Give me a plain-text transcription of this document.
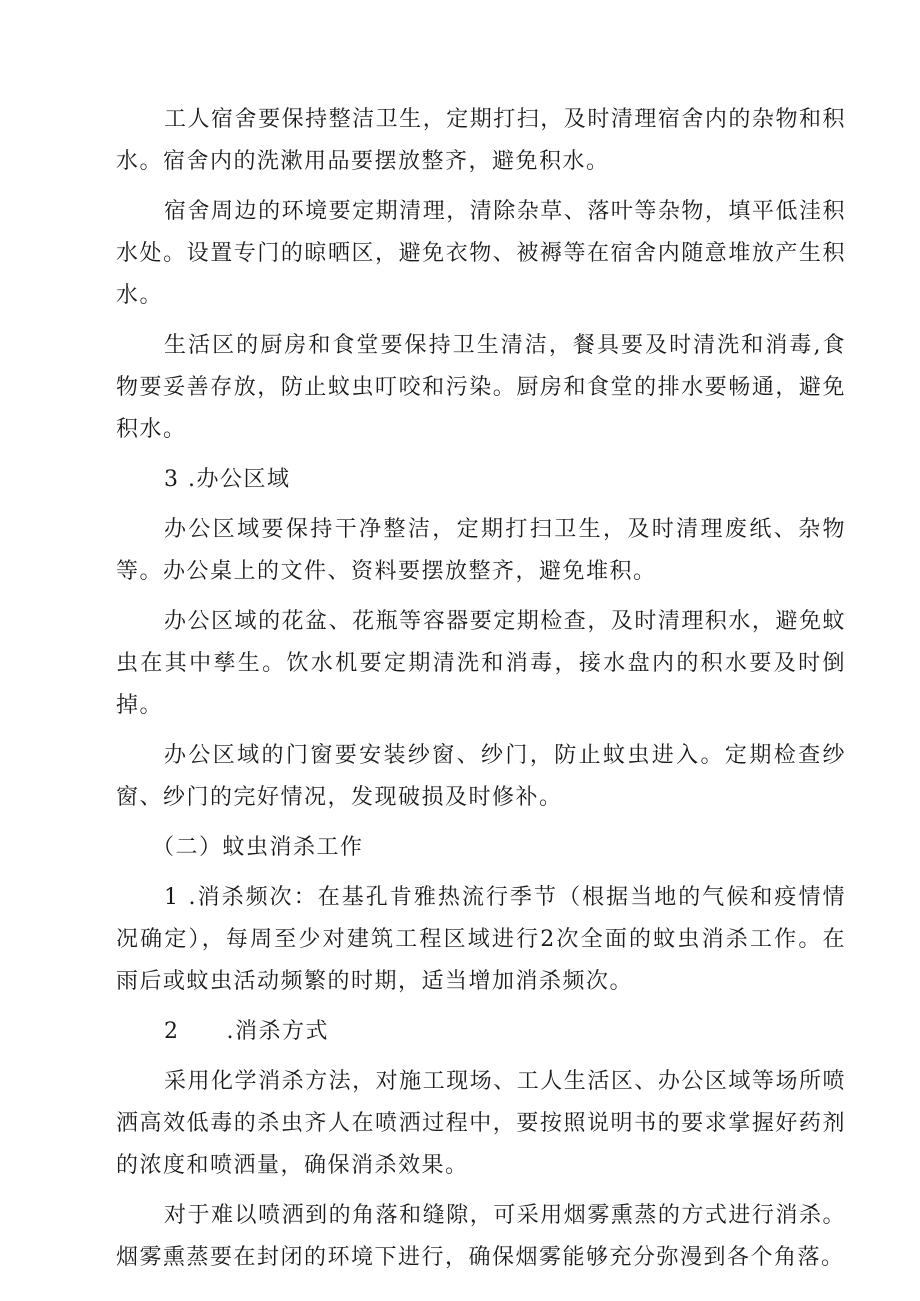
工人宿舍要保持整洁卫生，定期打扫，及时清理宿舍内的杂物和积水。宿舍内的洗漱用品要摆放整齐，避免积水。

宿舍周边的环境要定期清理，清除杂草、落叶等杂物，填平低洼积水处。设置专门的晾晒区，避免衣物、被褥等在宿舍内随意堆放产生积水。

生活区的厨房和食堂要保持卫生清洁，餐具要及时清洗和消毒,食物要妥善存放，防止蚊虫叮咬和污染。厨房和食堂的排水要畅通，避免积水。

3 .办公区域

办公区域要保持干净整洁，定期打扫卫生，及时清理废纸、杂物等。办公桌上的文件、资料要摆放整齐，避免堆积。

办公区域的花盆、花瓶等容器要定期检查，及时清理积水，避免蚊虫在其中孳生。饮水机要定期清洗和消毒，接水盘内的积水要及时倒掉。

办公区域的门窗要安装纱窗、纱门，防止蚊虫进入。定期检查纱窗、纱门的完好情况，发现破损及时修补。

（二）蚊虫消杀工作

1 .消杀频次：在基孔肯雅热流行季节（根据当地的气候和疫情情况确定），每周至少对建筑工程区域进行2次全面的蚊虫消杀工作。在雨后或蚊虫活动频繁的时期，适当增加消杀频次。

2　　.消杀方式

采用化学消杀方法，对施工现场、工人生活区、办公区域等场所喷洒高效低毒的杀虫齐人在喷洒过程中，要按照说明书的要求掌握好药剂的浓度和喷洒量，确保消杀效果。

对于难以喷洒到的角落和缝隙，可采用烟雾熏蒸的方式进行消杀。烟雾熏蒸要在封闭的环境下进行，确保烟雾能够充分弥漫到各个角落。
